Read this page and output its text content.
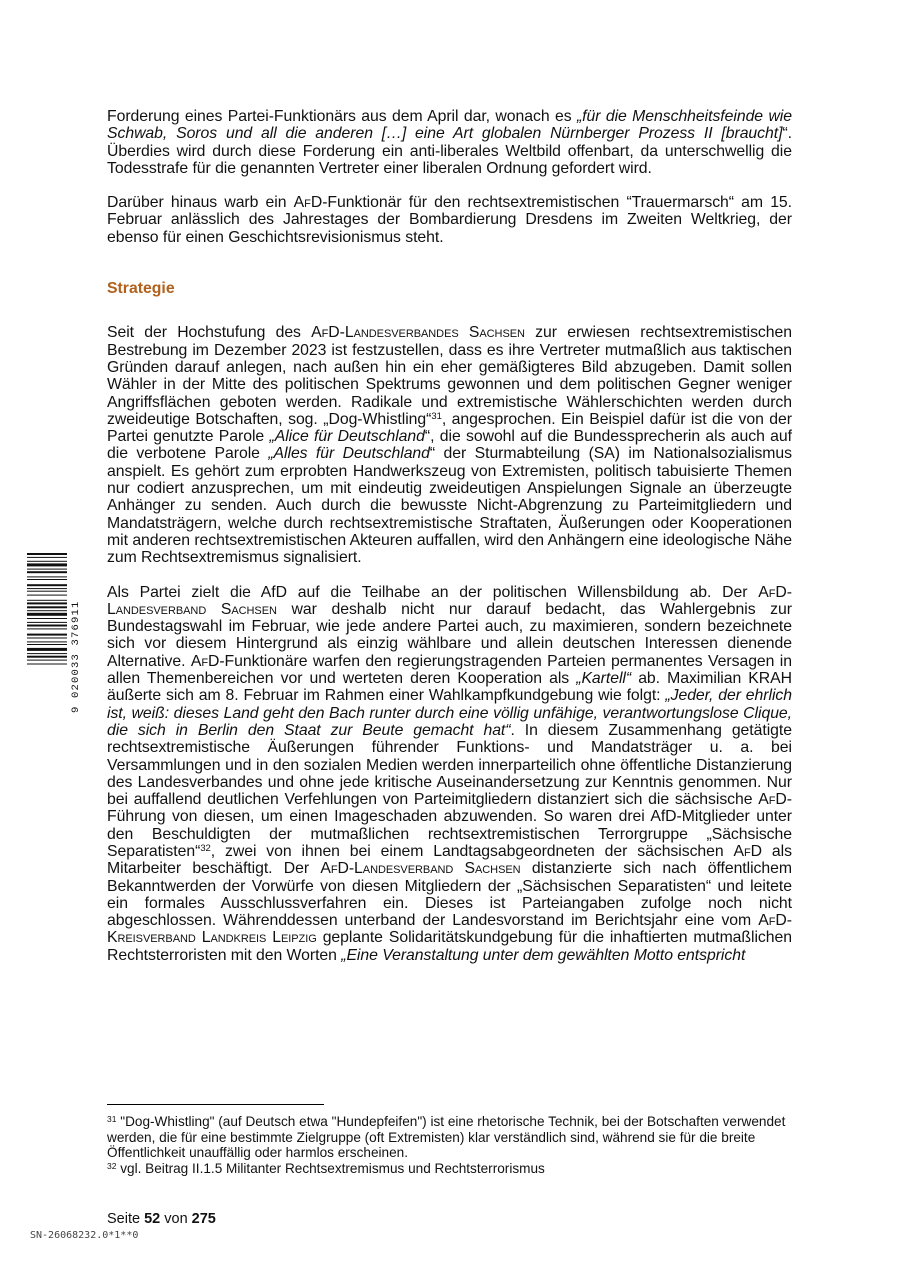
Forderung eines Partei-Funktionärs aus dem April dar, wonach es „für die Menschheitsfeinde wie Schwab, Soros und all die anderen […] eine Art globalen Nürnberger Prozess II [braucht]“. Überdies wird durch diese Forderung ein anti-liberales Weltbild offenbart, da unterschwellig die Todesstrafe für die genannten Vertreter einer liberalen Ordnung gefordert wird.

Darüber hinaus warb ein AfD-Funktionär für den rechtsextremistischen “Trauermarsch“ am 15. Februar anlässlich des Jahrestages der Bombardierung Dresdens im Zweiten Weltkrieg, der ebenso für einen Geschichtsrevisionismus steht.

Strategie

Seit der Hochstufung des AfD-Landesverbandes Sachsen zur erwiesen rechtsextremistischen Bestrebung im Dezember 2023 ist festzustellen, dass es ihre Vertreter mutmaßlich aus taktischen Gründen darauf anlegen, nach außen hin ein eher gemäßigteres Bild abzugeben. Damit sollen Wähler in der Mitte des politischen Spektrums gewonnen und dem politischen Gegner weniger Angriffsflächen geboten werden. Radikale und extremistische Wählerschichten werden durch zweideutige Botschaften, sog. „Dog-Whistling“$^{31}$, angesprochen. Ein Beispiel dafür ist die von der Partei genutzte Parole „Alice für Deutschland“, die sowohl auf die Bundessprecherin als auch auf die verbotene Parole „Alles für Deutschland“ der Sturmabteilung (SA) im Nationalsozialismus anspielt. Es gehört zum erprobten Handwerkszeug von Extremisten, politisch tabuisierte Themen nur codiert anzusprechen, um mit eindeutig zweideutigen Anspielungen Signale an überzeugte Anhänger zu senden. Auch durch die bewusste Nicht-Abgrenzung zu Parteimitgliedern und Mandatsträgern, welche durch rechtsextremistische Straftaten, Äußerungen oder Kooperationen mit anderen rechtsextremistischen Akteuren auffallen, wird den Anhängern eine ideologische Nähe zum Rechtsextremismus signalisiert.

Als Partei zielt die AfD auf die Teilhabe an der politischen Willensbildung ab. Der AfD-Landesverband Sachsen war deshalb nicht nur darauf bedacht, das Wahlergebnis zur Bundestagswahl im Februar, wie jede andere Partei auch, zu maximieren, sondern bezeichnete sich vor diesem Hintergrund als einzig wählbare und allein deutschen Interessen dienende Alternative. AfD-Funktionäre warfen den regierungstragenden Parteien permanentes Versagen in allen Themenbereichen vor und werteten deren Kooperation als „Kartell“ ab. Maximilian KRAH äußerte sich am 8. Februar im Rahmen einer Wahlkampfkundgebung wie folgt: „Jeder, der ehrlich ist, weiß: dieses Land geht den Bach runter durch eine völlig unfähige, verantwortungslose Clique, die sich in Berlin den Staat zur Beute gemacht hat“. In diesem Zusammenhang getätigte rechtsextremistische Äußerungen führender Funktions- und Mandatsträger u. a. bei Versammlungen und in den sozialen Medien werden innerparteilich ohne öffentliche Distanzierung des Landesverbandes und ohne jede kritische Auseinandersetzung zur Kenntnis genommen. Nur bei auffallend deutlichen Verfehlungen von Parteimitgliedern distanziert sich die sächsische AfD-Führung von diesen, um einen Imageschaden abzuwenden. So waren drei AfD-Mitglieder unter den Beschuldigten der mutmaßlichen rechtsextremistischen Terrorgruppe „Sächsische Separatisten“$^{32}$, zwei von ihnen bei einem Landtagsabgeordneten der sächsischen AfD als Mitarbeiter beschäftigt. Der AfD-Landesverband Sachsen distanzierte sich nach öffentlichem Bekanntwerden der Vorwürfe von diesen Mitgliedern der „Sächsischen Separatisten“ und leitete ein formales Ausschlussverfahren ein. Dieses ist Parteiangaben zufolge noch nicht abgeschlossen. Währenddessen unterband der Landesvorstand im Berichtsjahr eine vom AfD-Kreisverband Landkreis Leipzig geplante Solidaritätskundgebung für die inhaftierten mutmaßlichen Rechtsterroristen mit den Worten „Eine Veranstaltung unter dem gewählten Motto entspricht

$^{31}$ "Dog-Whistling" (auf Deutsch etwa "Hundepfeifen") ist eine rhetorische Technik, bei der Botschaften verwendet werden, die für eine bestimmte Zielgruppe (oft Extremisten) klar verständlich sind, während sie für die breite Öffentlichkeit unauffällig oder harmlos erscheinen.

$^{32}$ vgl. Beitrag II.1.5 Militanter Rechtsextremismus und Rechtsterrorismus

Seite 52 von 275
SN-26068232.0*1**0
9 020033 376911
